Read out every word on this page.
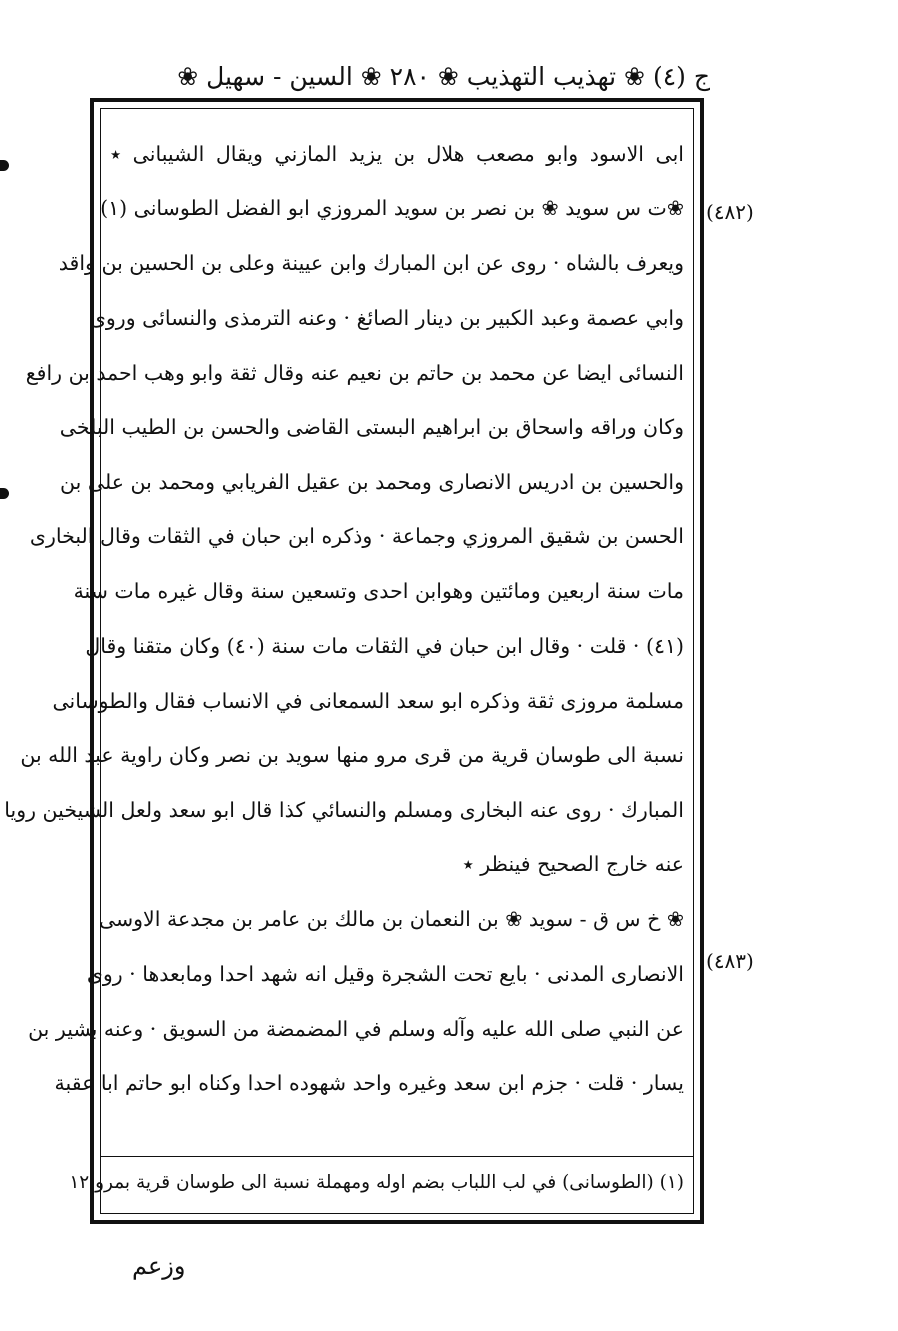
ج (٤) ❀ تهذيب التهذيب ❀ ٢٨٠ ❀ السين - سهيل ❀
(٤٨٢)
(٤٨٣)
ابى الاسود وابو مصعب هلال بن يزيد المازني ويقال الشيبانى ٭
❀ت س سويد ❀ بن نصر بن سويد المروزي ابو الفضل الطوسانى (١)
ويعرف بالشاه · روى عن ابن المبارك وابن عيينة وعلى بن الحسين بن واقد
وابي عصمة وعبد الكبير بن دينار الصائغ · وعنه الترمذى والنسائى وروى
النسائى ايضا عن محمد بن حاتم بن نعيم عنه وقال ثقة وابو وهب احمد بن رافع
وكان وراقه واسحاق بن ابراهيم البستى القاضى والحسن بن الطيب البلخى
والحسين بن ادريس الانصارى ومحمد بن عقيل الفريابي ومحمد بن على بن
الحسن بن شقيق المروزي وجماعة · وذكره ابن حبان في الثقات وقال البخارى
مات سنة اربعين ومائتين وهوابن احدى وتسعين سنة وقال غيره مات سنة
(٤١) · قلت · وقال ابن حبان في الثقات مات سنة (٤٠) وكان متقنا وقال
مسلمة مروزى ثقة وذكره ابو سعد السمعانى في الانساب فقال والطوسانى
نسبة الى طوسان قرية من قرى مرو منها سويد بن نصر وكان راوية عبد الله بن
المبارك · روى عنه البخارى ومسلم والنسائي كذا قال ابو سعد ولعل الشيخين رويا
عنه خارج الصحيح فينظر ٭
❀ خ س ق - سويد ❀ بن النعمان بن مالك بن عامر بن مجدعة الاوسى
الانصارى المدنى · بايع تحت الشجرة وقيل انه شهد احدا ومابعدها · روى
عن النبي صلى الله عليه وآله وسلم في المضمضة من السويق · وعنه بشير بن
يسار · قلت · جزم ابن سعد وغيره واحد شهوده احدا وكناه ابو حاتم ابا عقبة
(١) (الطوسانى) في لب اللباب بضم اوله ومهملة نسبة الى طوسان قرية بمرو ١٢
وزعم
